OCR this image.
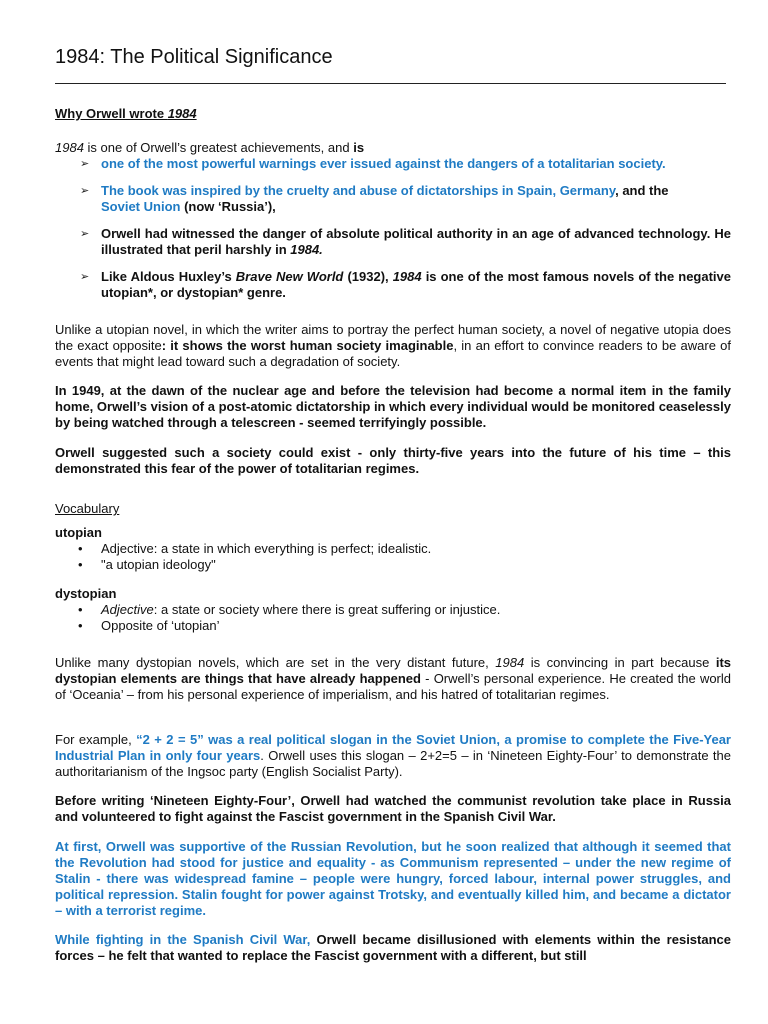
1984: The Political Significance
Why Orwell wrote 1984
1984 is one of Orwell’s greatest achievements, and is
➢ one of the most powerful warnings ever issued against the dangers of a totalitarian society.
➢ The book was inspired by the cruelty and abuse of dictatorships in Spain, Germany, and the
Soviet Union (now ‘Russia’),
➢ Orwell had witnessed the danger of absolute political authority in an age of advanced technology. He illustrated that peril harshly in 1984.
➢ Like Aldous Huxley’s Brave New World (1932), 1984 is one of the most famous novels of the negative utopian*, or dystopian* genre.
Unlike a utopian novel, in which the writer aims to portray the perfect human society, a novel of negative utopia does the exact opposite: it shows the worst human society imaginable, in an effort to convince readers to be aware of events that might lead toward such a degradation of society.
In 1949, at the dawn of the nuclear age and before the television had become a normal item in the family home, Orwell’s vision of a post-atomic dictatorship in which every individual would be monitored ceaselessly by being watched through a telescreen - seemed terrifyingly possible.
Orwell suggested such a society could exist - only thirty-five years into the future of his time – this demonstrated this fear of the power of totalitarian regimes.
Vocabulary
utopian
• Adjective: a state in which everything is perfect; idealistic.
• "a utopian ideology"
dystopian
• Adjective: a state or society where there is great suffering or injustice.
• Opposite of ‘utopian’
Unlike many dystopian novels, which are set in the very distant future, 1984 is convincing in part because its dystopian elements are things that have already happened - Orwell’s personal experience. He created the world of ‘Oceania’ – from his personal experience of imperialism, and his hatred of totalitarian regimes.
For example, “2 + 2 = 5” was a real political slogan in the Soviet Union, a promise to complete the Five-Year Industrial Plan in only four years. Orwell uses this slogan – 2+2=5 – in ‘Nineteen Eighty-Four’ to demonstrate the authoritarianism of the Ingsoc party (English Socialist Party).
Before writing ‘Nineteen Eighty-Four’, Orwell had watched the communist revolution take place in Russia and volunteered to fight against the Fascist government in the Spanish Civil War.
At first, Orwell was supportive of the Russian Revolution, but he soon realized that although it seemed that the Revolution had stood for justice and equality - as Communism represented – under the new regime of Stalin - there was widespread famine – people were hungry, forced labour, internal power struggles, and political repression. Stalin fought for power against Trotsky, and eventually killed him, and became a dictator – with a terrorist regime.
While fighting in the Spanish Civil War, Orwell became disillusioned with elements within the resistance forces – he felt that wanted to replace the Fascist government with a different, but still
